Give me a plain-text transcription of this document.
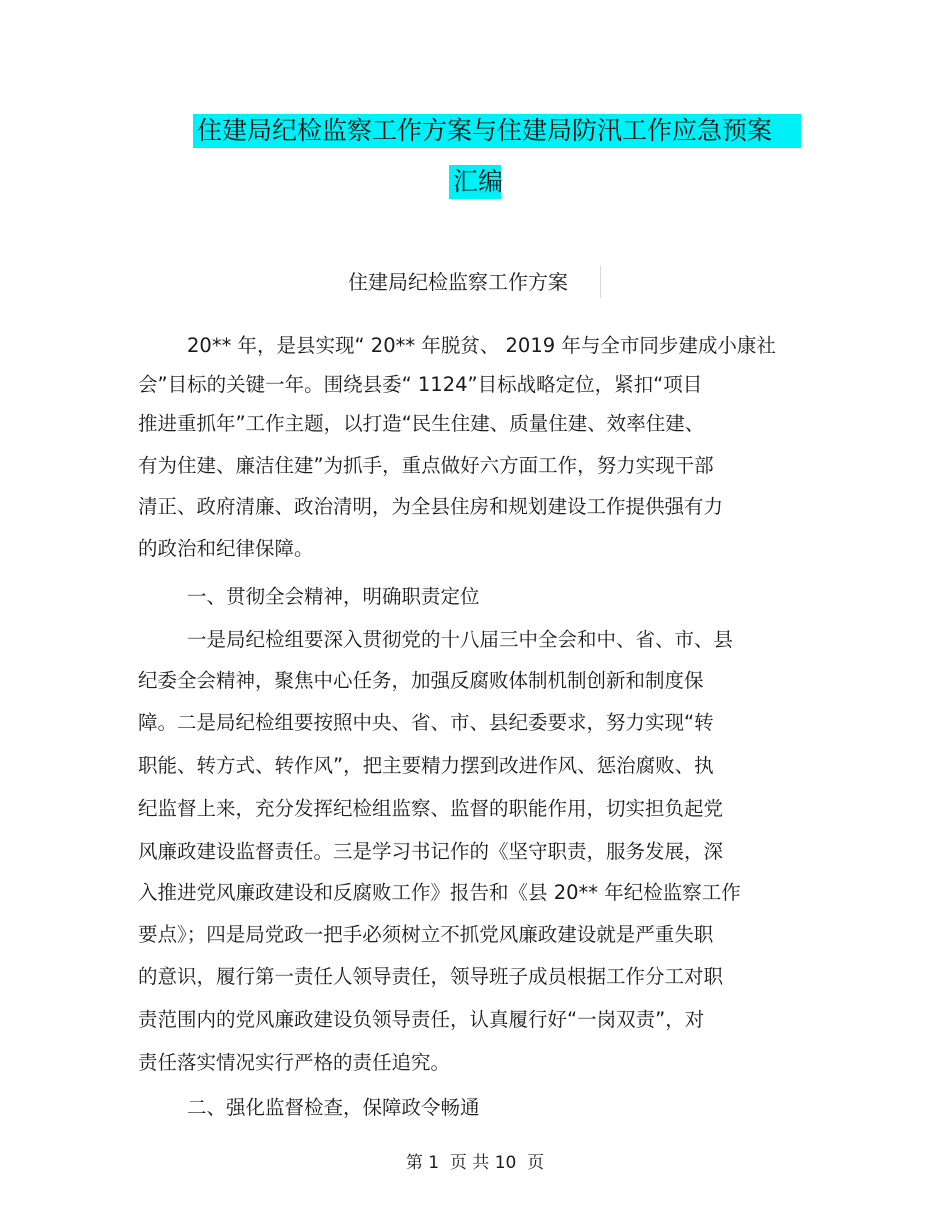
住建局纪检监察工作方案与住建局防汛工作应急预案
汇编
住建局纪检监察工作方案
20** 年，是县实现“ 20** 年脱贫、 2019 年与全市同步建成小康社
会”目标的关键一年。围绕县委“ 1124”目标战略定位，紧扣“项目
推进重抓年”工作主题，以打造“民生住建、质量住建、效率住建、
有为住建、廉洁住建”为抓手，重点做好六方面工作，努力实现干部
清正、政府清廉、政治清明，为全县住房和规划建设工作提供强有力
的政治和纪律保障。
一、贯彻全会精神，明确职责定位
一是局纪检组要深入贯彻党的十八届三中全会和中、省、市、县
纪委全会精神，聚焦中心任务，加强反腐败体制机制创新和制度保
障。二是局纪检组要按照中央、省、市、县纪委要求，努力实现“转
职能、转方式、转作风”，把主要精力摆到改进作风、惩治腐败、执
纪监督上来，充分发挥纪检组监察、监督的职能作用，切实担负起党
风廉政建设监督责任。三是学习书记作的《坚守职责，服务发展，深
入推进党风廉政建设和反腐败工作》报告和《县 20** 年纪检监察工作
要点》；四是局党政一把手必须树立不抓党风廉政建设就是严重失职
的意识，履行第一责任人领导责任，领导班子成员根据工作分工对职
责范围内的党风廉政建设负领导责任，认真履行好“一岗双责”，对
责任落实情况实行严格的责任追究。
二、强化监督检查，保障政令畅通
第 1  页 共 10  页
